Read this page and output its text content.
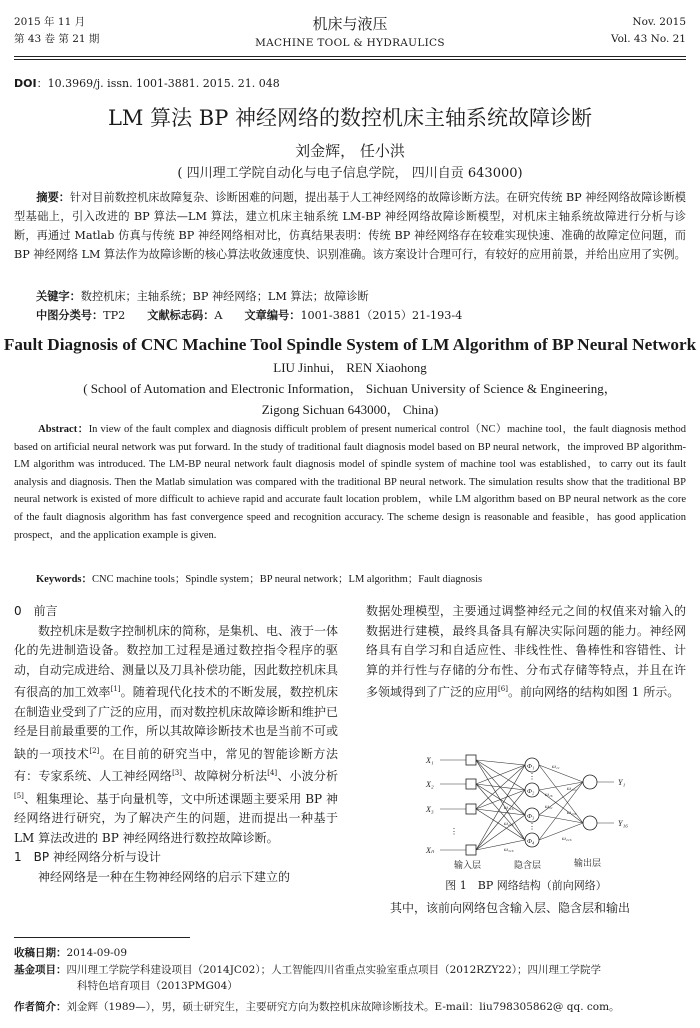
2015 年 11 月
第 43 卷 第 21 期
机床与液压
MACHINE TOOL & HYDRAULICS
Nov. 2015
Vol. 43 No. 21
DOI：10.3969/j. issn. 1001-3881. 2015. 21. 048
LM 算法 BP 神经网络的数控机床主轴系统故障诊断
刘金辉， 任小洪
( 四川理工学院自动化与电子信息学院， 四川自贡 643000)
摘要：针对目前数控机床故障复杂、诊断困难的问题，提出基于人工神经网络的故障诊断方法。在研究传统 BP 神经网络故障诊断模型基础上，引入改进的 BP 算法—LM 算法，建立机床主轴系统 LM-BP 神经网络故障诊断模型，对机床主轴系统故障进行分析与诊断，再通过 Matlab 仿真与传统 BP 神经网络相对比，仿真结果表明：传统 BP 神经网络存在较难实现快速、准确的故障定位问题，而 BP 神经网络 LM 算法作为故障诊断的核心算法收敛速度快、识别准确。该方案设计合理可行，有较好的应用前景，并给出应用了实例。
关键字：数控机床；主轴系统；BP 神经网络；LM 算法；故障诊断
中图分类号：TP2 文献标志码：A 文章编号：1001-3881（2015）21-193-4
Fault Diagnosis of CNC Machine Tool Spindle System of LM Algorithm of BP Neural Network
LIU Jinhui， REN Xiaohong
( School of Automation and Electronic Information， Sichuan University of Science & Engineering，
Zigong Sichuan 643000， China)
Abstract：In view of the fault complex and diagnosis difficult problem of present numerical control（NC）machine tool，the fault diagnosis method based on artificial neural network was put forward. In the study of traditional fault diagnosis model based on BP neural network，the improved BP algorithm-LM algorithm was introduced. The LM-BP neural network fault diagnosis model of spindle system of machine tool was established，to carry out its fault analysis and diagnosis. Then the Matlab simulation was compared with the traditional BP neural network. The simulation results show that the traditional BP neural network is existed of more difficult to achieve rapid and accurate fault location problem，while LM algorithm based on BP neural network as the core of the fault diagnosis algorithm has fast convergence speed and recognition accuracy. The scheme design is reasonable and feasible，has good application prospect，and the application example is given.
Keywords：CNC machine tools；Spindle system；BP neural network；LM algorithm；Fault diagnosis
0　前言

数控机床是数字控制机床的简称，是集机、电、液于一体化的先进制造设备。数控加工过程是通过数控指令程序的驱动，自动完成进给、测量以及刀具补偿功能，因此数控机床具有很高的加工效率[1]。随着现代化技术的不断发展，数控机床在制造业受到了广泛的应用，而对数控机床故障诊断和维护已经是目前最重要的工作，所以其故障诊断技术也是当前不可或缺的一项技术[2]。在目前的研究当中，常见的智能诊断方法有：专家系统、人工神经网络[3]、故障树分析法[4]、小波分析[5]、粗集理论、基于向量机等，文中所述课题主要采用 BP 神经网络进行研究，为了解决产生的问题，进而提出一种基于 LM 算法改进的 BP 神经网络进行数控故障诊断。

1　BP 神经网络分析与设计

神经网络是一种在生物神经网络的启示下建立的

数据处理模型，主要通过调整神经元之间的权值来对输入的数据进行建模，最终具备具有解决实际问题的能力。神经网络具有自学习和自适应性、非线性性、鲁棒性和容错性、计算的并行性与存储的分布性、分布式存储等特点，并且在许多领域得到了广泛的应用[6]。前向网络的结构如图 1 所示。

X₁
X₂
X₃
Xₙ
Φ₁
Φ₂
Φ₃
Φ₄
Y₁
Y₁₆
ω₁₁₆
ω₂₁₆
ω₃₁₆
ω₁₁
ω₁₆
ω₁₃₁
ω₁₃₆
ω₃₁
ω₂₁₆
⋮
⋮
⋮
输入层	隐含层	输出层
图 1　BP 网络结构（前向网络）

其中，该前向网络包含输入层、隐含层和输出

收稿日期：2014-09-09
基金项目：四川理工学院学科建设项目（2014JC02）；人工智能四川省重点实验室重点项目（2012RZY22）；四川理工学院学
科特色培育项目（2013PMG04）
作者简介：刘金辉（1989—），男，硕士研究生，主要研究方向为数控机床故障诊断技术。E-mail：liu798305862@ qq. com。
